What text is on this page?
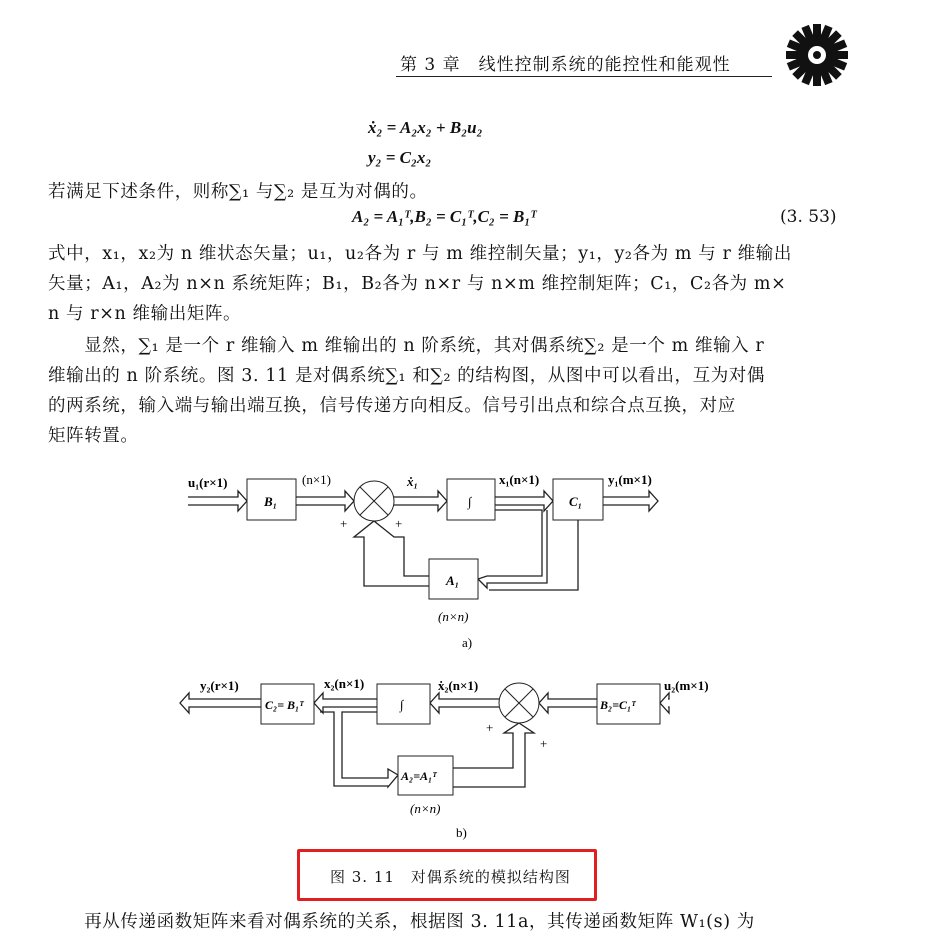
第 3 章　线性控制系统的能控性和能观性
ẋ₂ = A₂x₂ + B₂u₂
y₂ = C₂x₂
若满足下述条件，则称∑₁ 与∑₂ 是互为对偶的。
A₂ = A₁ᵀ,B₂ = C₁ᵀ,C₂ = B₁ᵀ	(3. 53)
式中，x₁，x₂为 n 维状态矢量；u₁，u₂各为 r 与 m 维控制矢量；y₁，y₂各为 m 与 r 维输出
矢量；A₁，A₂为 n×n 系统矩阵；B₁，B₂各为 n×r 与 n×m 维控制矩阵；C₁，C₂各为 m×
n 与 r×n 维输出矩阵。
　　显然，∑₁ 是一个 r 维输入 m 维输出的 n 阶系统，其对偶系统∑₂ 是一个 m 维输入 r
维输出的 n 阶系统。图 3. 11 是对偶系统∑₁ 和∑₂ 的结构图，从图中可以看出，互为对偶
的两系统，输入端与输出端互换，信号传递方向相反。信号引出点和综合点互换，对应
矩阵转置。
u₁(r×1)
B₁
(n×1)	ẋ₁
∫
x₁(n×1)
C₁
y₁(m×1)
A₁
+	+
(n×n)
a)
y₂(r×1)
C₂= B₁ᵀ
x₂(n×1)
∫
ẋ₂(n×1)
B₂=C₁ᵀ
u₂(m×1)
A₂=A₁ᵀ
+
+
(n×n)
b)
图 3. 11　对偶系统的模拟结构图
　　再从传递函数矩阵来看对偶系统的关系，根据图 3. 11a，其传递函数矩阵 W₁(s) 为
